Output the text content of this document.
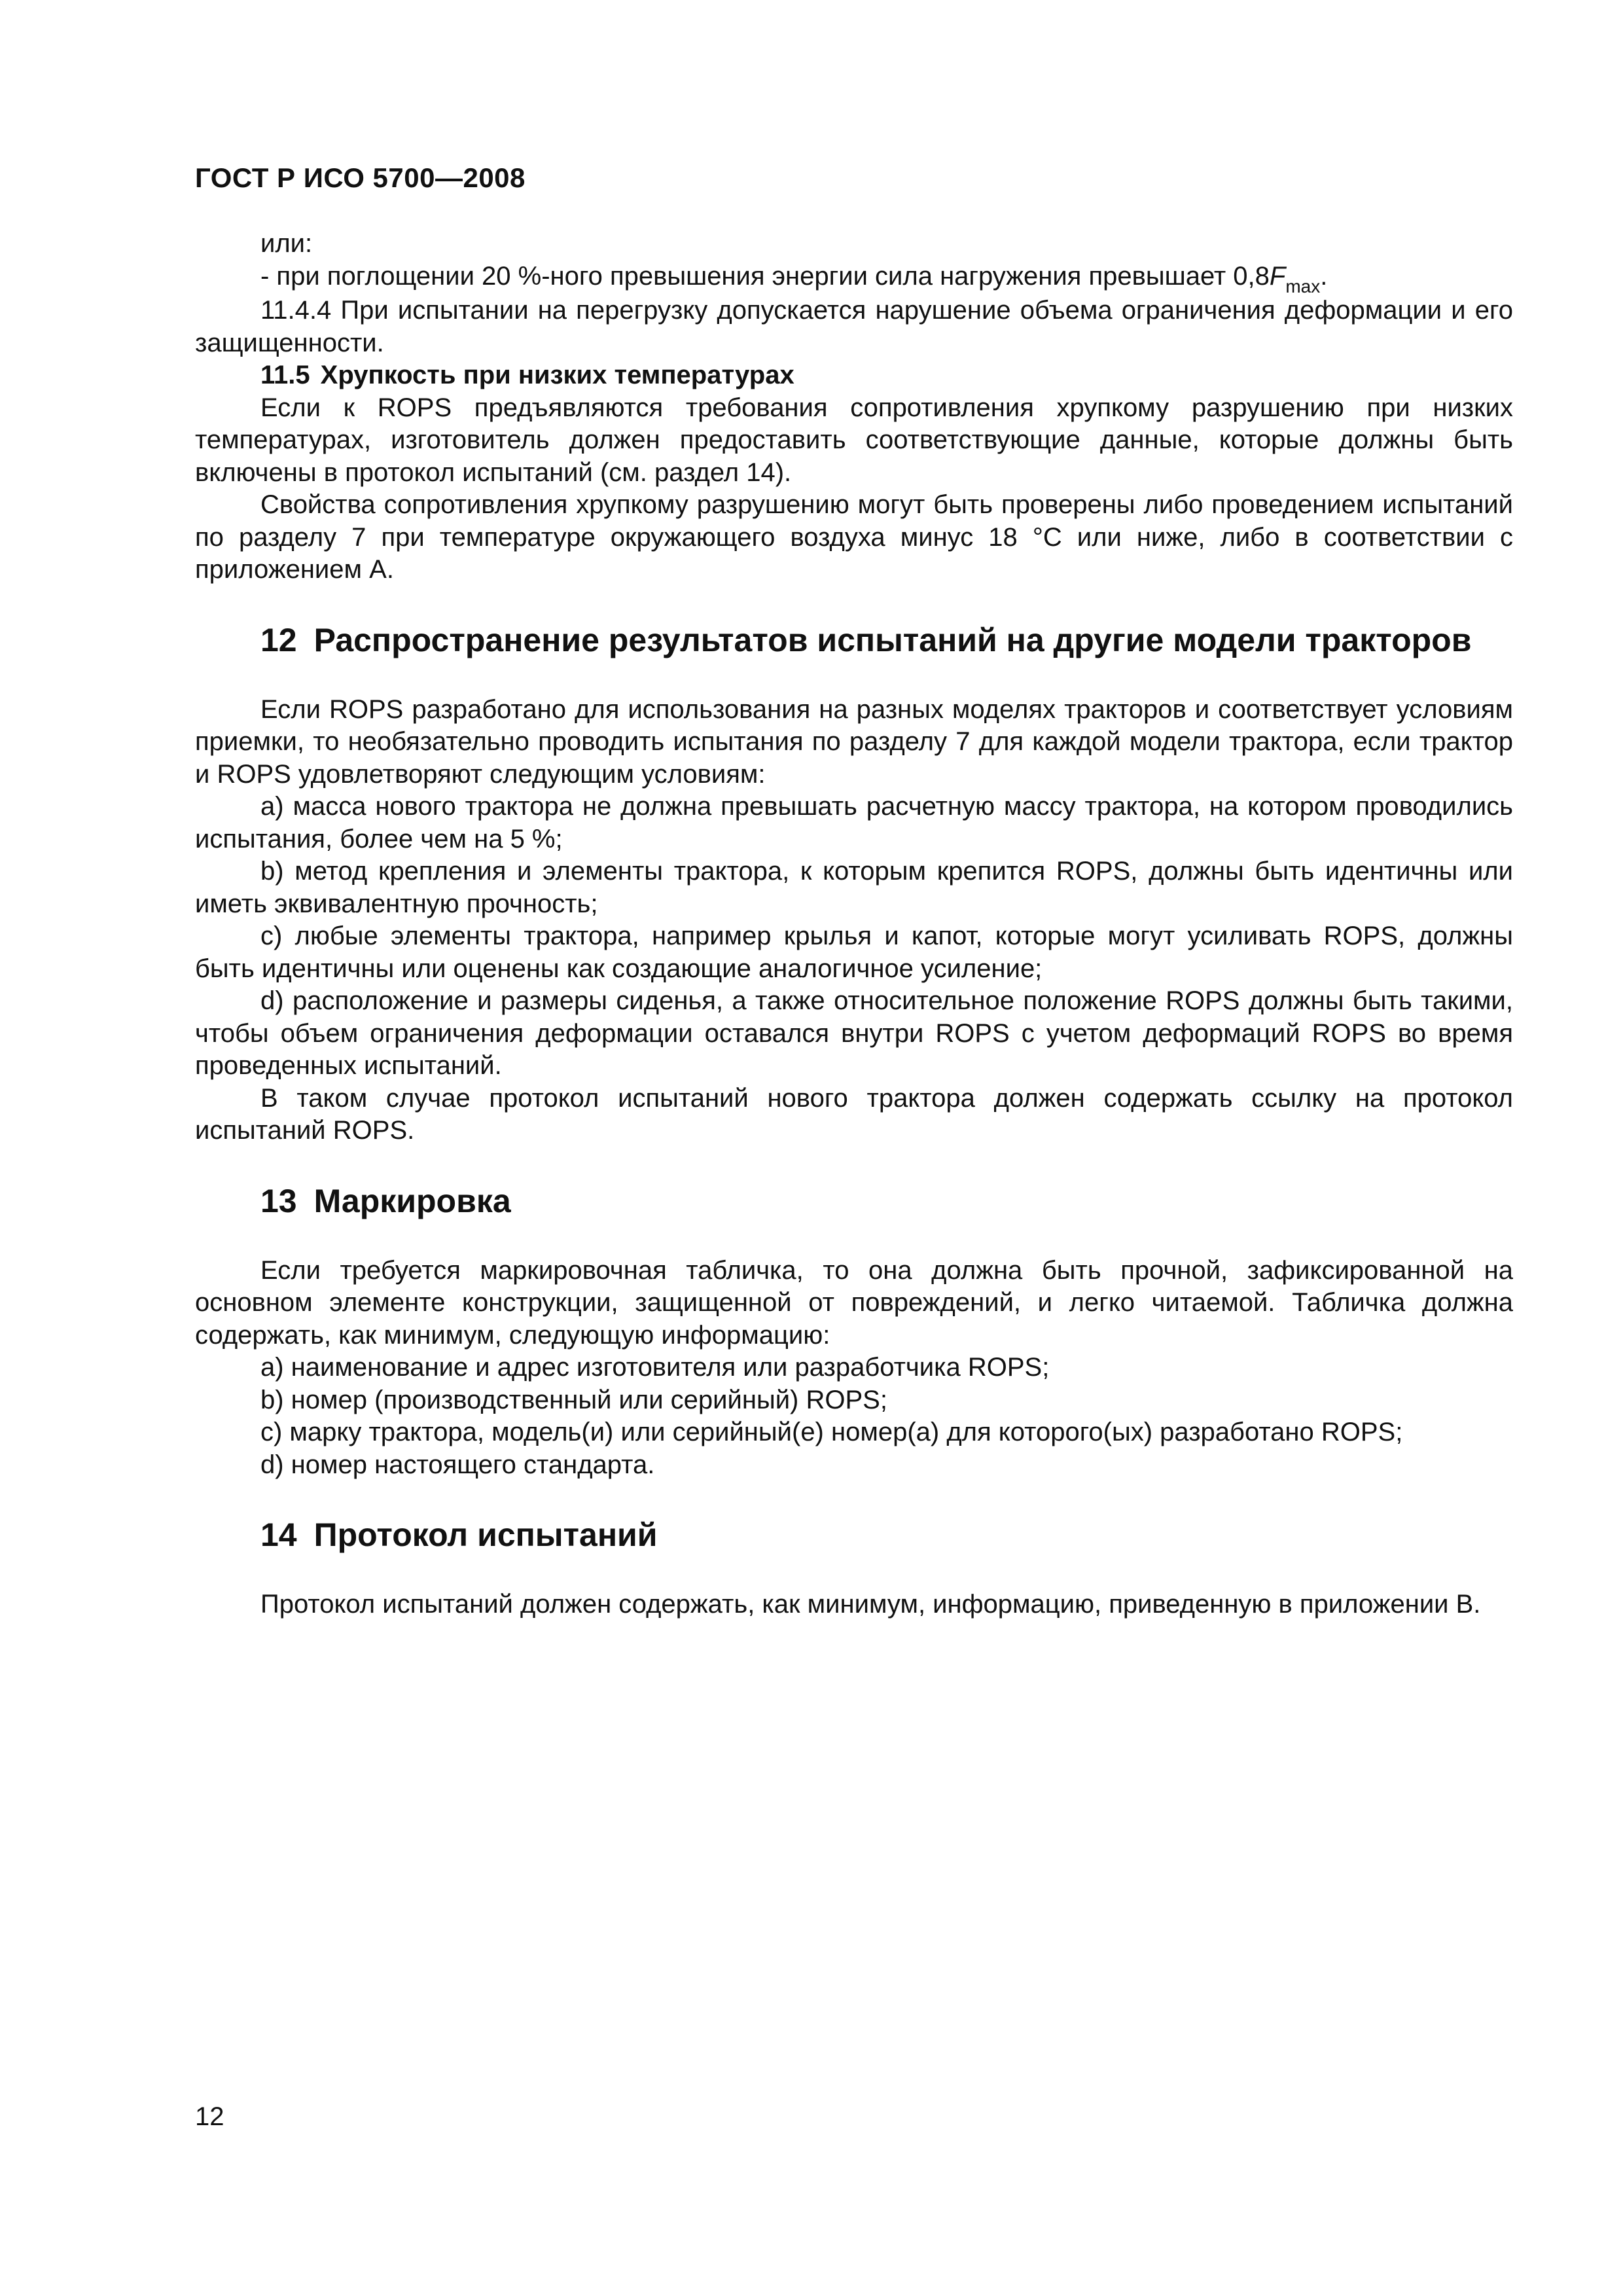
ГОСТ Р ИСО 5700—2008

или:

- при поглощении 20 %-ного превышения энергии сила нагружения превышает $0,8F_{max}$.

11.4.4 При испытании на перегрузку допускается нарушение объема ограничения деформации и его защищенности.

11.5 Хрупкость при низких температурах

Если к ROPS предъявляются требования сопротивления хрупкому разрушению при низких температурах, изготовитель должен предоставить соответствующие данные, которые должны быть включены в протокол испытаний (см. раздел 14).

Свойства сопротивления хрупкому разрушению могут быть проверены либо проведением испытаний по разделу 7 при температуре окружающего воздуха минус 18 °С или ниже, либо в соответствии с приложением А.

12 Распространение результатов испытаний на другие модели тракторов

Если ROPS разработано для использования на разных моделях тракторов и соответствует условиям приемки, то необязательно проводить испытания по разделу 7 для каждой модели трактора, если трактор и ROPS удовлетворяют следующим условиям:

a) масса нового трактора не должна превышать расчетную массу трактора, на котором проводились испытания, более чем на 5 %;

b) метод крепления и элементы трактора, к которым крепится ROPS, должны быть идентичны или иметь эквивалентную прочность;

c) любые элементы трактора, например крылья и капот, которые могут усиливать ROPS, должны быть идентичны или оценены как создающие аналогичное усиление;

d) расположение и размеры сиденья, а также относительное положение ROPS должны быть такими, чтобы объем ограничения деформации оставался внутри ROPS с учетом деформаций ROPS во время проведенных испытаний.

В таком случае протокол испытаний нового трактора должен содержать ссылку на протокол испытаний ROPS.

13 Маркировка

Если требуется маркировочная табличка, то она должна быть прочной, зафиксированной на основном элементе конструкции, защищенной от повреждений, и легко читаемой. Табличка должна содержать, как минимум, следующую информацию:

a) наименование и адрес изготовителя или разработчика ROPS;

b) номер (производственный или серийный) ROPS;

c) марку трактора, модель(и) или серийный(е) номер(а) для которого(ых) разработано ROPS;

d) номер настоящего стандарта.

14 Протокол испытаний

Протокол испытаний должен содержать, как минимум, информацию, приведенную в приложении В.

12
